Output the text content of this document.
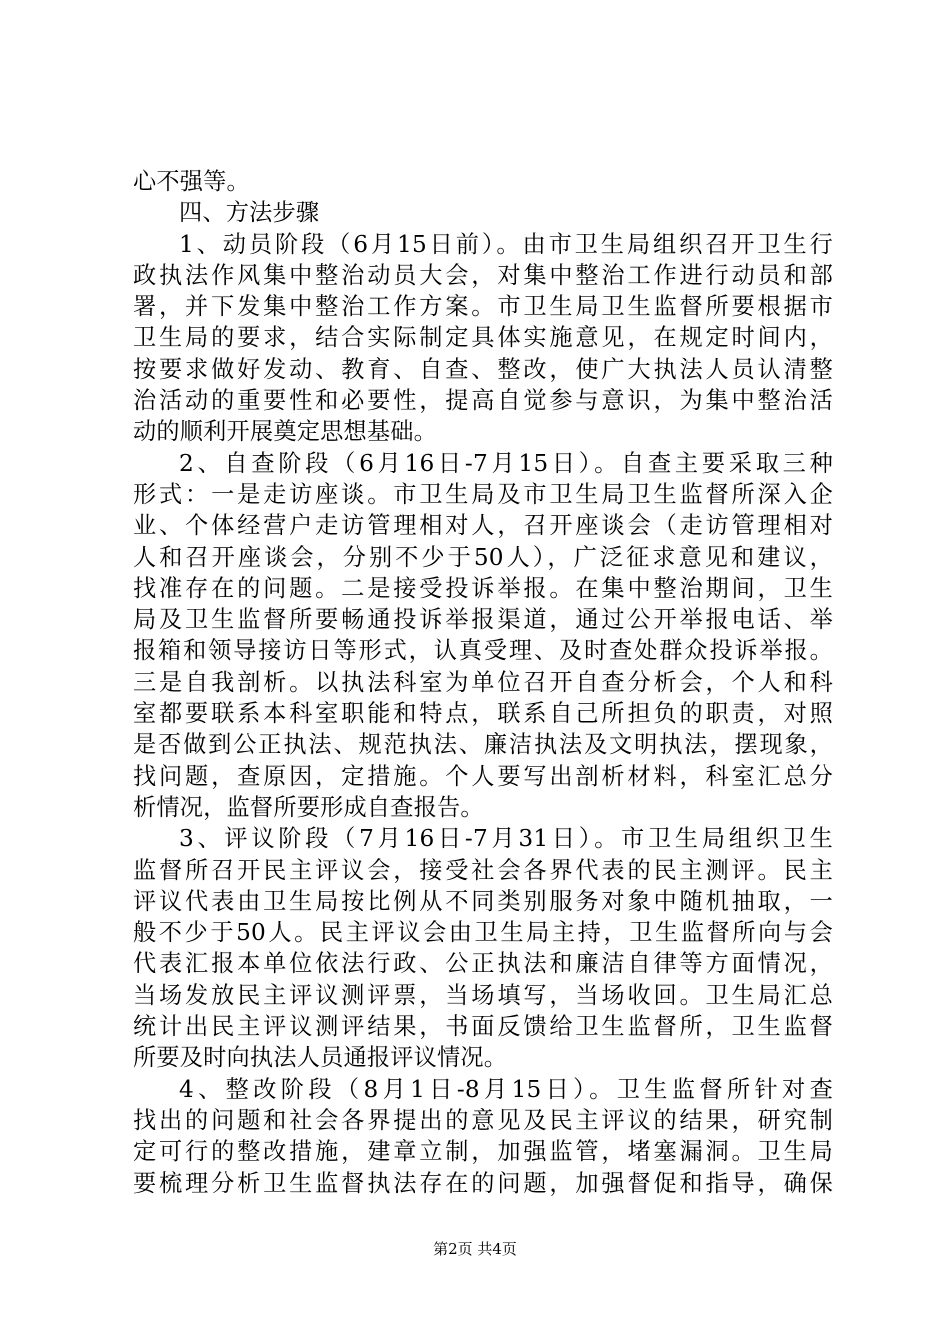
心不强等。
四、方法步骤
1、动员阶段（6月15日前）。由市卫生局组织召开卫生行
政执法作风集中整治动员大会，对集中整治工作进行动员和部
署，并下发集中整治工作方案。市卫生局卫生监督所要根据市
卫生局的要求，结合实际制定具体实施意见，在规定时间内，
按要求做好发动、教育、自查、整改，使广大执法人员认清整
治活动的重要性和必要性，提高自觉参与意识，为集中整治活
动的顺利开展奠定思想基础。
2、自查阶段（6月16日-7月15日）。自查主要采取三种
形式：一是走访座谈。市卫生局及市卫生局卫生监督所深入企
业、个体经营户走访管理相对人，召开座谈会（走访管理相对
人和召开座谈会，分别不少于50人），广泛征求意见和建议，
找准存在的问题。二是接受投诉举报。在集中整治期间，卫生
局及卫生监督所要畅通投诉举报渠道，通过公开举报电话、举
报箱和领导接访日等形式，认真受理、及时查处群众投诉举报。
三是自我剖析。以执法科室为单位召开自查分析会，个人和科
室都要联系本科室职能和特点，联系自己所担负的职责，对照
是否做到公正执法、规范执法、廉洁执法及文明执法，摆现象，
找问题，查原因，定措施。个人要写出剖析材料，科室汇总分
析情况，监督所要形成自查报告。
3、评议阶段（7月16日-7月31日）。市卫生局组织卫生
监督所召开民主评议会，接受社会各界代表的民主测评。民主
评议代表由卫生局按比例从不同类别服务对象中随机抽取，一
般不少于50人。民主评议会由卫生局主持，卫生监督所向与会
代表汇报本单位依法行政、公正执法和廉洁自律等方面情况，
当场发放民主评议测评票，当场填写，当场收回。卫生局汇总
统计出民主评议测评结果，书面反馈给卫生监督所，卫生监督
所要及时向执法人员通报评议情况。
4、整改阶段（8月1日-8月15日）。卫生监督所针对查
找出的问题和社会各界提出的意见及民主评议的结果，研究制
定可行的整改措施，建章立制，加强监管，堵塞漏洞。卫生局
要梳理分析卫生监督执法存在的问题，加强督促和指导，确保
第2页 共4页
